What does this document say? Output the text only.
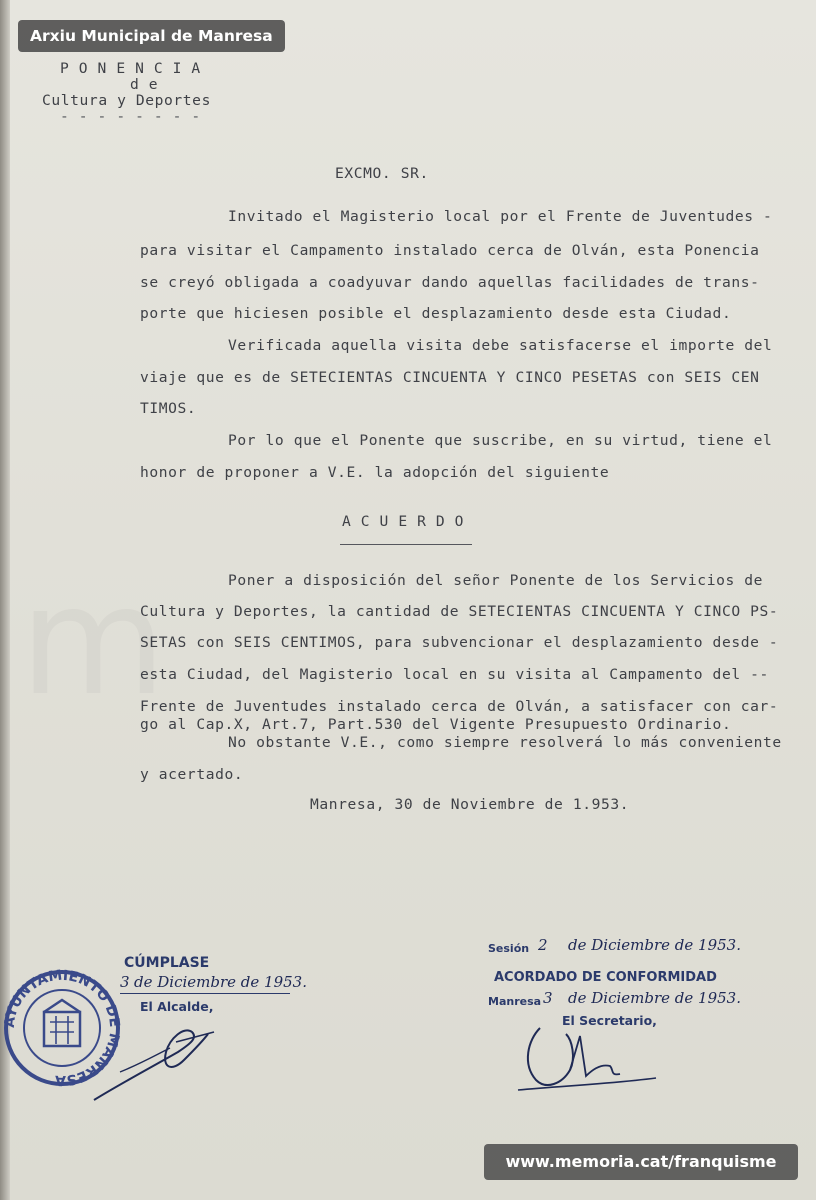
m
Arxiu Municipal de Manresa
P O N E N C I A
d e
Cultura y Deportes
- - - - - - - -
EXCMO. SR.
Invitado el Magisterio local por el Frente de Juventudes -
para visitar el Campamento instalado cerca de Olván, esta Ponencia
se creyó obligada a coadyuvar dando aquellas facilidades de trans-
porte que hiciesen posible el desplazamiento desde esta Ciudad.
Verificada aquella visita debe satisfacerse el importe del
viaje que es de SETECIENTAS CINCUENTA Y CINCO PESETAS con SEIS CEN
TIMOS.
Por lo que el Ponente que suscribe, en su virtud, tiene el
honor de proponer a V.E. la adopción del siguiente
A C U E R D O
Poner a disposición del señor Ponente de los Servicios de
Cultura y Deportes, la cantidad de SETECIENTAS CINCUENTA Y CINCO PS-
SETAS con SEIS CENTIMOS, para subvencionar el desplazamiento desde -
esta Ciudad, del Magisterio local en su visita al Campamento del --
Frente de Juventudes instalado cerca de Olván, a satisfacer con car-
go al Cap.X, Art.7, Part.530 del Vigente Presupuesto Ordinario.
No obstante V.E., como siempre resolverá lo más conveniente
y acertado.
Manresa, 30 de Noviembre de 1.953.
AYUNTAMIENTO DE MANRESA
CÚMPLASE
3 de Diciembre de 1953.
El Alcalde,
Sesión 2 de Diciembre de 1953.
ACORDADO DE CONFORMIDAD
Manresa 3 de Diciembre de 1953.
El Secretario,
www.memoria.cat/franquisme
